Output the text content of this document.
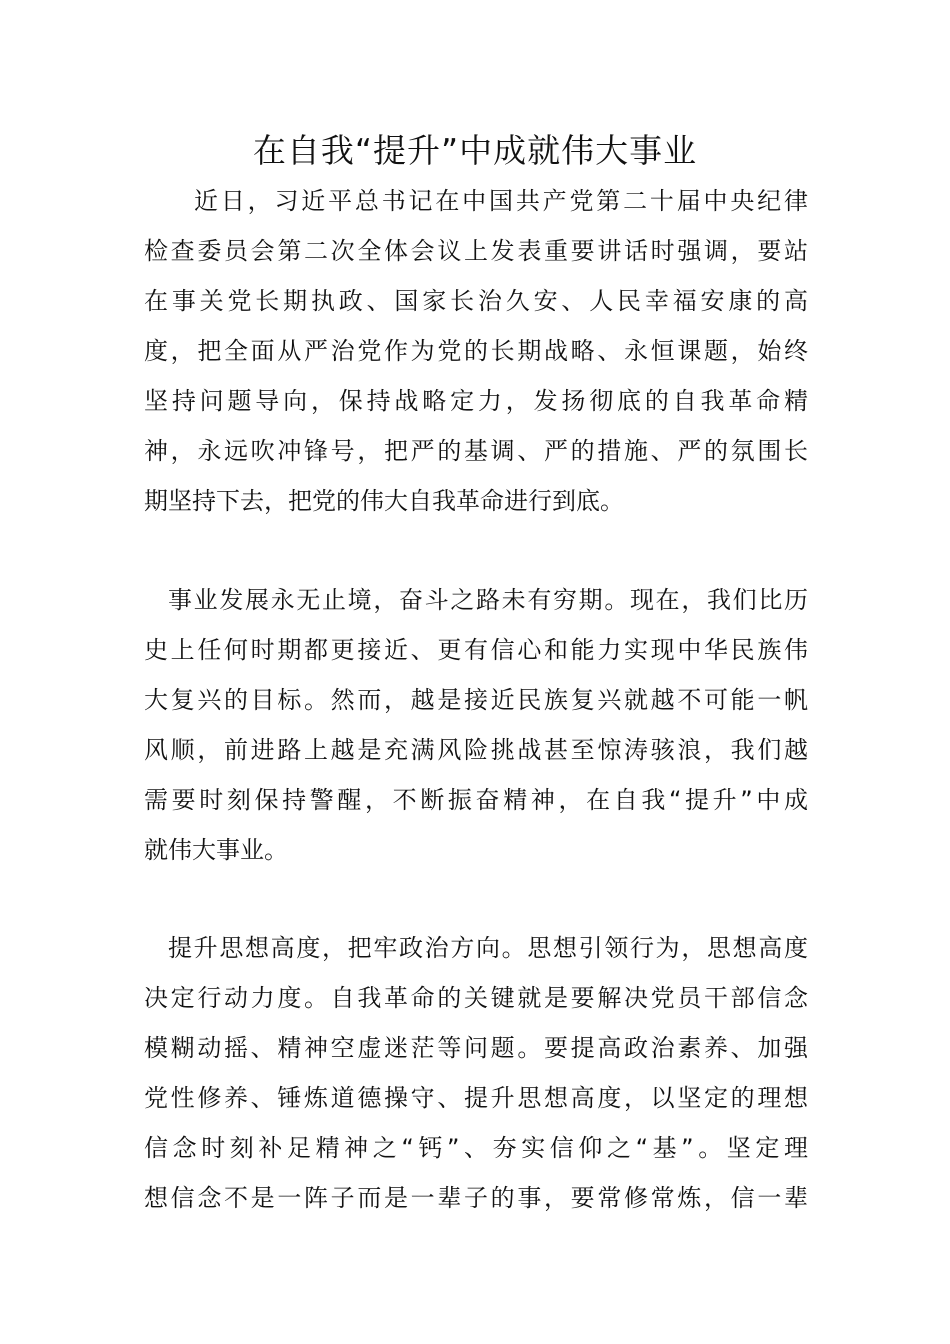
在自我“提升”中成就伟大事业
近日，习近平总书记在中国共产党第二十届中央纪律
检查委员会第二次全体会议上发表重要讲话时强调，要站
在事关党长期执政、国家长治久安、人民幸福安康的高
度，把全面从严治党作为党的长期战略、永恒课题，始终
坚持问题导向，保持战略定力，发扬彻底的自我革命精
神，永远吹冲锋号，把严的基调、严的措施、严的氛围长
期坚持下去，把党的伟大自我革命进行到底。
事业发展永无止境，奋斗之路未有穷期。现在，我们比历
史上任何时期都更接近、更有信心和能力实现中华民族伟
大复兴的目标。然而，越是接近民族复兴就越不可能一帆
风顺，前进路上越是充满风险挑战甚至惊涛骇浪，我们越
需要时刻保持警醒，不断振奋精神，在自我“提升”中成
就伟大事业。
提升思想高度，把牢政治方向。思想引领行为，思想高度
决定行动力度。自我革命的关键就是要解决党员干部信念
模糊动摇、精神空虚迷茫等问题。要提高政治素养、加强
党性修养、锤炼道德操守、提升思想高度，以坚定的理想
信念时刻补足精神之“钙”、夯实信仰之“基”。坚定理
想信念不是一阵子而是一辈子的事，要常修常炼，信一辈
